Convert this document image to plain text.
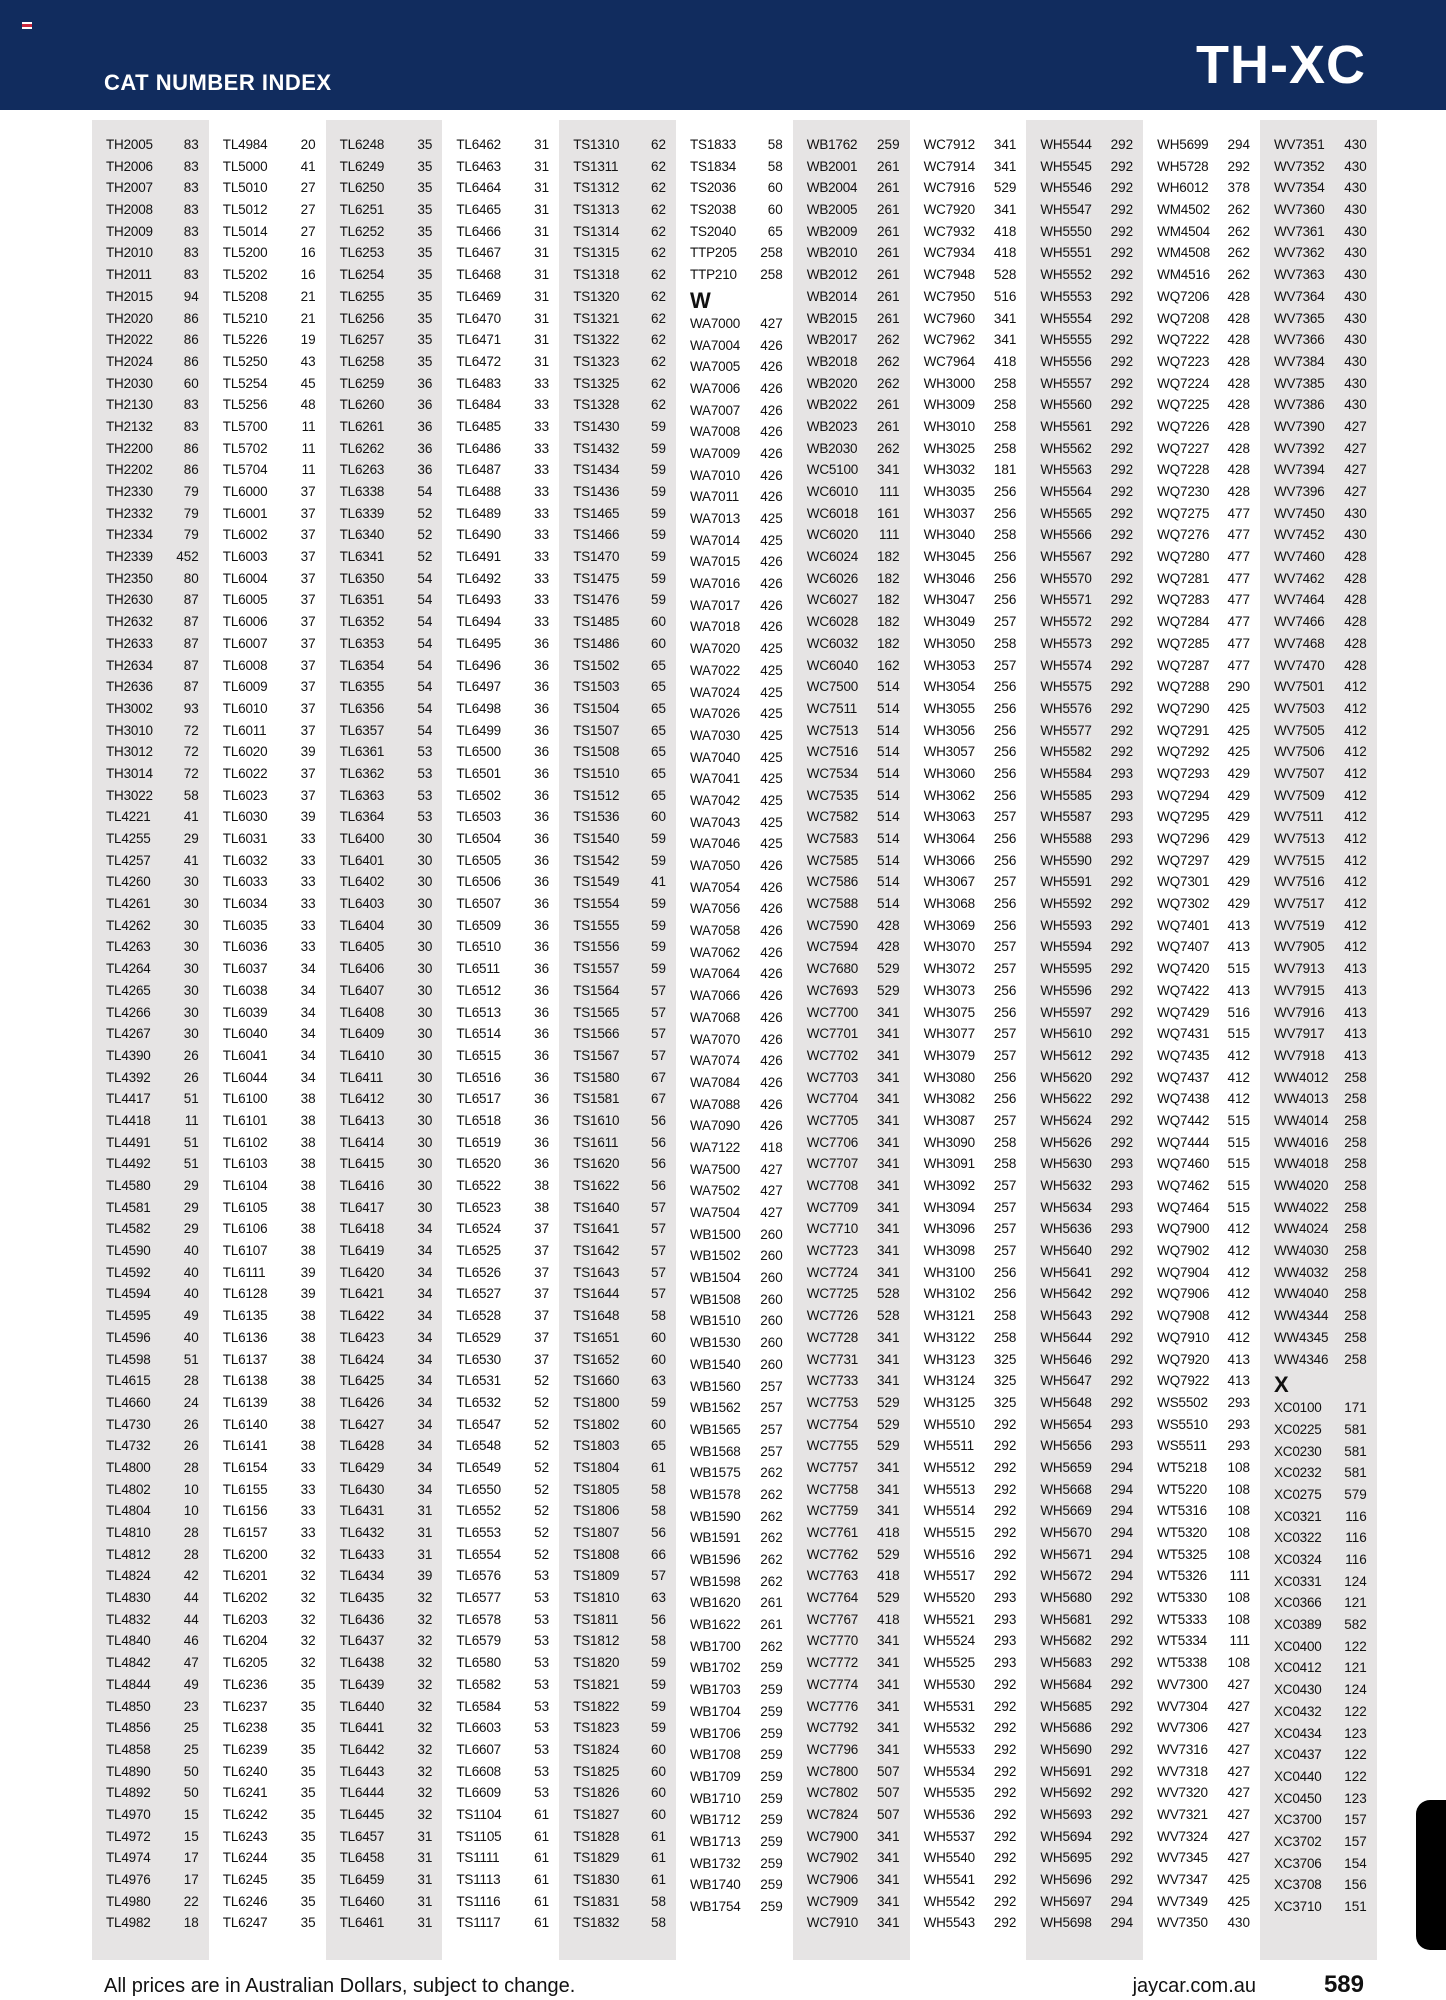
CAT NUMBER INDEX	TH-XC
TH2005 83
TH2006 83
TH2007 83
TH2008 83
TH2009 83
TH2010 83
TH2011 83
TH2015 94
TH2020 86
TH2022 86
TH2024 86
TH2030 60
TH2130 83
TH2132 83
TH2200 86
TH2202 86
TH2330 79
TH2332 79
TH2334 79
TH2339 452
TH2350 80
TH2630 87
TH2632 87
TH2633 87
TH2634 87
TH2636 87
TH3002 93
TH3010 72
TH3012 72
TH3014 72
TH3022 58
TL4221 41
TL4255 29
TL4257 41
TL4260 30
TL4261 30
TL4262 30
TL4263 30
TL4264 30
TL4265 30
TL4266 30
TL4267 30
TL4390 26
TL4392 26
TL4417 51
TL4418	11
TL4491 51
TL4492 51
TL4580 29
TL4581 29
TL4582 29
TL4590 40
TL4592 40
TL4594 40
TL4595 49
TL4596 40
TL4598 51
TL4615 28
TL4660 24
TL4730 26
TL4732 26
TL4800 28
TL4802 10
TL4804 10
TL4810 28
TL4812 28
TL4824 42
TL4830 44
TL4832 44
TL4840 46
TL4842 47
TL4844 49
TL4850 23
TL4856 25
TL4858 25
TL4890 50
TL4892 50
TL4970 15
TL4972 15
TL4974 17
TL4976 17
TL4980 22
TL4982 18
TL4984 20
TL5000 41
TL5010 27
TL5012 27
TL5014 27
TL5200 16
TL5202 16
TL5208 21
TL5210 21
TL5226 19
TL5250 43
TL5254 45
TL5256 48
TL5700	11
TL5702	11
TL5704	11
TL6000 37
TL6001 37
TL6002 37
TL6003 37
TL6004 37
TL6005 37
TL6006 37
TL6007 37
TL6008 37
TL6009 37
TL6010 37
TL6011	37
TL6020 39
TL6022 37
TL6023 37
TL6030 39
TL6031 33
TL6032 33
TL6033 33
TL6034 33
TL6035 33
TL6036 33
TL6037 34
TL6038 34
TL6039 34
TL6040 34
TL6041 34
TL6044 34
TL6100 38
TL6101 38
TL6102 38
TL6103 38
TL6104 38
TL6105 38
TL6106 38
TL6107 38
TL6111	39
TL6128 39
TL6135 38
TL6136 38
TL6137 38
TL6138 38
TL6139 38
TL6140 38
TL6141 38
TL6154 33
TL6155 33
TL6156 33
TL6157 33
TL6200 32
TL6201 32
TL6202 32
TL6203 32
TL6204 32
TL6205 32
TL6236 35
TL6237 35
TL6238 35
TL6239 35
TL6240 35
TL6241 35
TL6242 35
TL6243 35
TL6244 35
TL6245 35
TL6246 35
TL6247 35
TL6248 35
TL6249 35
TL6250 35
TL6251 35
TL6252 35
TL6253 35
TL6254 35
TL6255 35
TL6256 35
TL6257 35
TL6258 35
TL6259 36
TL6260 36
TL6261 36
TL6262 36
TL6263 36
TL6338 54
TL6339 52
TL6340 52
TL6341 52
TL6350 54
TL6351 54
TL6352 54
TL6353 54
TL6354 54
TL6355 54
TL6356 54
TL6357 54
TL6361 53
TL6362 53
TL6363 53
TL6364 53
TL6400 30
TL6401 30
TL6402 30
TL6403 30
TL6404 30
TL6405 30
TL6406 30
TL6407 30
TL6408 30
TL6409 30
TL6410 30
TL6411	30
TL6412 30
TL6413 30
TL6414 30
TL6415 30
TL6416 30
TL6417 30
TL6418 34
TL6419 34
TL6420 34
TL6421 34
TL6422 34
TL6423 34
TL6424 34
TL6425 34
TL6426 34
TL6427 34
TL6428 34
TL6429 34
TL6430 34
TL6431 31
TL6432 31
TL6433 31
TL6434 39
TL6435 32
TL6436 32
TL6437 32
TL6438 32
TL6439 32
TL6440 32
TL6441 32
TL6442 32
TL6443 32
TL6444 32
TL6445 32
TL6457 31
TL6458 31
TL6459 31
TL6460 31
TL6461 31
TL6462 31
TL6463 31
TL6464 31
TL6465 31
TL6466 31
TL6467 31
TL6468 31
TL6469 31
TL6470 31
TL6471 31
TL6472 31
TL6483 33
TL6484 33
TL6485 33
TL6486 33
TL6487 33
TL6488 33
TL6489 33
TL6490 33
TL6491 33
TL6492 33
TL6493 33
TL6494 33
TL6495 36
TL6496 36
TL6497 36
TL6498 36
TL6499 36
TL6500 36
TL6501 36
TL6502 36
TL6503 36
TL6504 36
TL6505 36
TL6506 36
TL6507 36
TL6509 36
TL6510 36
TL6511	36
TL6512 36
TL6513 36
TL6514 36
TL6515 36
TL6516 36
TL6517 36
TL6518 36
TL6519 36
TL6520 36
TL6522 38
TL6523 38
TL6524 37
TL6525 37
TL6526 37
TL6527 37
TL6528 37
TL6529 37
TL6530 37
TL6531 52
TL6532 52
TL6547 52
TL6548 52
TL6549 52
TL6550 52
TL6552 52
TL6553 52
TL6554 52
TL6576 53
TL6577 53
TL6578 53
TL6579 53
TL6580 53
TL6582 53
TL6584 53
TL6603 53
TL6607 53
TL6608 53
TL6609 53
TS1104 61
TS1105 61
TS1111	61
TS1113 61
TS1116 61
TS1117 61
TS1310 62
TS1311 62
TS1312 62
TS1313 62
TS1314 62
TS1315 62
TS1318 62
TS1320 62
TS1321 62
TS1322 62
TS1323 62
TS1325 62
TS1328 62
TS1430 59
TS1432 59
TS1434 59
TS1436 59
TS1465 59
TS1466 59
TS1470 59
TS1475 59
TS1476 59
TS1485 60
TS1486 60
TS1502 65
TS1503 65
TS1504 65
TS1507 65
TS1508 65
TS1510 65
TS1512 65
TS1536 60
TS1540 59
TS1542 59
TS1549 41
TS1554 59
TS1555 59
TS1556 59
TS1557 59
TS1564 57
TS1565 57
TS1566 57
TS1567 57
TS1580 67
TS1581 67
TS1610 56
TS1611 56
TS1620 56
TS1622 56
TS1640 57
TS1641 57
TS1642 57
TS1643 57
TS1644 57
TS1648 58
TS1651 60
TS1652 60
TS1660 63
TS1800 59
TS1802 60
TS1803 65
TS1804 61
TS1805 58
TS1806 58
TS1807 56
TS1808 66
TS1809 57
TS1810 63
TS1811 56
TS1812 58
TS1820 59
TS1821 59
TS1822 59
TS1823 59
TS1824 60
TS1825 60
TS1826 60
TS1827 60
TS1828 61
TS1829 61
TS1830 61
TS1831 58
TS1832 58
TS1833 58
TS1834 58
TS2036 60
TS2038 60
TS2040 65
TTP205 258
TTP210 258
W
WA7000 427
WA7004 426
WA7005 426
WA7006 426
WA7007 426
WA7008 426
WA7009 426
WA7010 426
WA7011 426
WA7013 425
WA7014 425
WA7015 426
WA7016 426
WA7017 426
WA7018 426
WA7020 425
WA7022 425
WA7024 425
WA7026 425
WA7030 425
WA7040 425
WA7041 425
WA7042 425
WA7043 425
WA7046 425
WA7050 426
WA7054 426
WA7056 426
WA7058 426
WA7062 426
WA7064 426
WA7066 426
WA7068 426
WA7070 426
WA7074 426
WA7084 426
WA7088 426
WA7090 426
WA7122 418
WA7500 427
WA7502 427
WA7504 427
WB1500 260
WB1502 260
WB1504 260
WB1508 260
WB1510 260
WB1530 260
WB1540 260
WB1560 257
WB1562 257
WB1565 257
WB1568 257
WB1575 262
WB1578 262
WB1590 262
WB1591 262
WB1596 262
WB1598 262
WB1620 261
WB1622 261
WB1700 262
WB1702 259
WB1703 259
WB1704 259
WB1706 259
WB1708 259
WB1709 259
WB1710 259
WB1712 259
WB1713 259
WB1732 259
WB1740 259
WB1754 259
WB1762 259
WB2001 261
WB2004 261
WB2005 261
WB2009 261
WB2010 261
WB2012 261
WB2014 261
WB2015 261
WB2017 262
WB2018 262
WB2020 262
WB2022 261
WB2023 261
WB2030 262
WC5100 341
WC6010 111
WC6018 161
WC6020 111
WC6024 182
WC6026 182
WC6027 182
WC6028 182
WC6032 182
WC6040 162
WC7500 514
WC7511 514
WC7513 514
WC7516 514
WC7534 514
WC7535 514
WC7582 514
WC7583 514
WC7585 514
WC7586 514
WC7588 514
WC7590 428
WC7594 428
WC7680 529
WC7693 529
WC7700 341
WC7701 341
WC7702 341
WC7703 341
WC7704 341
WC7705 341
WC7706 341
WC7707 341
WC7708 341
WC7709 341
WC7710 341
WC7723 341
WC7724 341
WC7725 528
WC7726 528
WC7728 341
WC7731 341
WC7733 341
WC7753 529
WC7754 529
WC7755 529
WC7757 341
WC7758 341
WC7759 341
WC7761 418
WC7762 529
WC7763 418
WC7764 529
WC7767 418
WC7770 341
WC7772 341
WC7774 341
WC7776 341
WC7792 341
WC7796 341
WC7800 507
WC7802 507
WC7824 507
WC7900 341
WC7902 341
WC7906 341
WC7909 341
WC7910 341
WC7912 341
WC7914 341
WC7916 529
WC7920 341
WC7932 418
WC7934 418
WC7948 528
WC7950 516
WC7960 341
WC7962 341
WC7964 418
WH3000 258
WH3009 258
WH3010 258
WH3025 258
WH3032 181
WH3035 256
WH3037 256
WH3040 258
WH3045 256
WH3046 256
WH3047 256
WH3049 257
WH3050 258
WH3053 257
WH3054 256
WH3055 256
WH3056 256
WH3057 256
WH3060 256
WH3062 256
WH3063 257
WH3064 256
WH3066 256
WH3067 257
WH3068 256
WH3069 256
WH3070 257
WH3072 257
WH3073 256
WH3075 256
WH3077 257
WH3079 257
WH3080 256
WH3082 256
WH3087 257
WH3090 258
WH3091 258
WH3092 257
WH3094 257
WH3096 257
WH3098 257
WH3100 256
WH3102 256
WH3121 258
WH3122 258
WH3123 325
WH3124 325
WH3125 325
WH5510 292
WH5511 292
WH5512 292
WH5513 292
WH5514 292
WH5515 292
WH5516 292
WH5517 292
WH5520 293
WH5521 293
WH5524 293
WH5525 293
WH5530 292
WH5531 292
WH5532 292
WH5533 292
WH5534 292
WH5535 292
WH5536 292
WH5537 292
WH5540 292
WH5541 292
WH5542 292
WH5543 292
WH5544 292
WH5545 292
WH5546 292
WH5547 292
WH5550 292
WH5551 292
WH5552 292
WH5553 292
WH5554 292
WH5555 292
WH5556 292
WH5557 292
WH5560 292
WH5561 292
WH5562 292
WH5563 292
WH5564 292
WH5565 292
WH5566 292
WH5567 292
WH5570 292
WH5571 292
WH5572 292
WH5573 292
WH5574 292
WH5575 292
WH5576 292
WH5577 292
WH5582 292
WH5584 293
WH5585 293
WH5587 293
WH5588 293
WH5590 292
WH5591 292
WH5592 292
WH5593 292
WH5594 292
WH5595 292
WH5596 292
WH5597 292
WH5610 292
WH5612 292
WH5620 292
WH5622 292
WH5624 292
WH5626 292
WH5630 293
WH5632 293
WH5634 293
WH5636 293
WH5640 292
WH5641 292
WH5642 292
WH5643 292
WH5644 292
WH5646 292
WH5647 292
WH5648 292
WH5654 293
WH5656 293
WH5659 294
WH5668 294
WH5669 294
WH5670 294
WH5671 294
WH5672 294
WH5680 292
WH5681 292
WH5682 292
WH5683 292
WH5684 292
WH5685 292
WH5686 292
WH5690 292
WH5691 292
WH5692 292
WH5693 292
WH5694 292
WH5695 292
WH5696 292
WH5697 294
WH5698 294
WH5699 294
WH5728 292
WH6012 378
WM4502 262
WM4504 262
WM4508 262
WM4516 262
WQ7206 428
WQ7208 428
WQ7222 428
WQ7223 428
WQ7224 428
WQ7225 428
WQ7226 428
WQ7227 428
WQ7228 428
WQ7230 428
WQ7275 477
WQ7276 477
WQ7280 477
WQ7281 477
WQ7283 477
WQ7284 477
WQ7285 477
WQ7287 477
WQ7288 290
WQ7290 425
WQ7291 425
WQ7292 425
WQ7293 429
WQ7294 429
WQ7295 429
WQ7296 429
WQ7297 429
WQ7301 429
WQ7302 429
WQ7401 413
WQ7407 413
WQ7420 515
WQ7422 413
WQ7429 516
WQ7431 515
WQ7435 412
WQ7437 412
WQ7438 412
WQ7442 515
WQ7444 515
WQ7460 515
WQ7462 515
WQ7464 515
WQ7900 412
WQ7902 412
WQ7904 412
WQ7906 412
WQ7908 412
WQ7910 412
WQ7920 413
WQ7922 413
WS5502 293
WS5510 293
WS5511 293
WT5218 108
WT5220 108
WT5316 108
WT5320 108
WT5325 108
WT5326 111
WT5330 108
WT5333 108
WT5334 111
WT5338 108
WV7300 427
WV7304 427
WV7306 427
WV7316 427
WV7318 427
WV7320 427
WV7321 427
WV7324 427
WV7345 427
WV7347 425
WV7349 425
WV7350 430
WV7351 430
WV7352 430
WV7354 430
WV7360 430
WV7361 430
WV7362 430
WV7363 430
WV7364 430
WV7365 430
WV7366 430
WV7384 430
WV7385 430
WV7386 430
WV7390 427
WV7392 427
WV7394 427
WV7396 427
WV7450 430
WV7452 430
WV7460 428
WV7462 428
WV7464 428
WV7466 428
WV7468 428
WV7470 428
WV7501 412
WV7503 412
WV7505 412
WV7506 412
WV7507 412
WV7509 412
WV7511 412
WV7513 412
WV7515 412
WV7516 412
WV7517 412
WV7519 412
WV7905 412
WV7913 413
WV7915 413
WV7916 413
WV7917 413
WV7918 413
WW4012 258
WW4013 258
WW4014 258
WW4016 258
WW4018 258
WW4020 258
WW4022 258
WW4024 258
WW4030 258
WW4032 258
WW4040 258
WW4344 258
WW4345 258
WW4346 258
X
XC0100 171
XC0225 581
XC0230 581
XC0232 581
XC0275 579
XC0321 116
XC0322 116
XC0324 116
XC0331 124
XC0366 121
XC0389 582
XC0400 122
XC0412 121
XC0430 124
XC0432 122
XC0434 123
XC0437 122
XC0440 122
XC0450 123
XC3700 157
XC3702 157
XC3706 154
XC3708 156
XC3710 151
All prices are in Australian Dollars, subject to change.	jaycar.com.au	589
